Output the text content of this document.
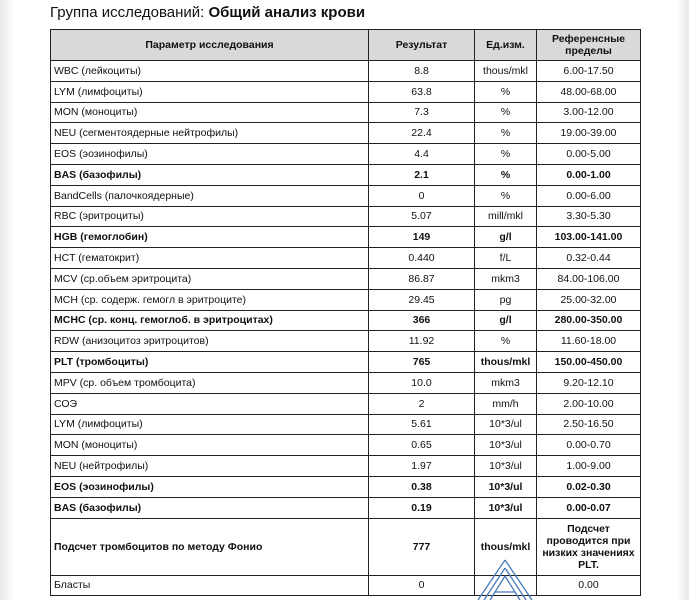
Группа исследований: Общий анализ крови
Параметр исследования	Результат	Ед.изм.	Референсные пределы
WBC (лейкоциты)	8.8	thous/mkl	6.00-17.50
LYM (лимфоциты)	63.8	%	48.00-68.00
MON (моноциты)	7.3	%	3.00-12.00
NEU (сегментоядерные нейтрофилы)	22.4	%	19.00-39.00
EOS (эозинофилы)	4.4	%	0.00-5.00
BAS (базофилы)	2.1	%	0.00-1.00
BandCells (палочкоядерные)	0	%	0.00-6.00
RBC (эритроциты)	5.07	mill/mkl	3.30-5.30
HGB (гемоглобин)	149	g/l	103.00-141.00
HCT (гематокрит)	0.440	f/L	0.32-0.44
MCV (ср.объем эритроцита)	86.87	mkm3	84.00-106.00
MCH (ср. содерж. гемогл в эритроците)	29.45	pg	25.00-32.00
MCHC (ср. конц. гемоглоб. в эритроцитах)	366	g/l	280.00-350.00
RDW (анизоцитоз эритроцитов)	11.92	%	11.60-18.00
PLT (тромбоциты)	765	thous/mkl	150.00-450.00
MPV (ср. объем тромбоцита)	10.0	mkm3	9.20-12.10
СОЭ	2	mm/h	2.00-10.00
LYM (лимфоциты)	5.61	10*3/ul	2.50-16.50
MON (моноциты)	0.65	10*3/ul	0.00-0.70
NEU (нейтрофилы)	1.97	10*3/ul	1.00-9.00
EOS (эозинофилы)	0.38	10*3/ul	0.02-0.30
BAS (базофилы)	0.19	10*3/ul	0.00-0.07
Подсчет тромбоцитов по методу Фонио	777	thous/mkl	Подсчет проводится при низких значениях PLT.
Бласты	0		0.00
